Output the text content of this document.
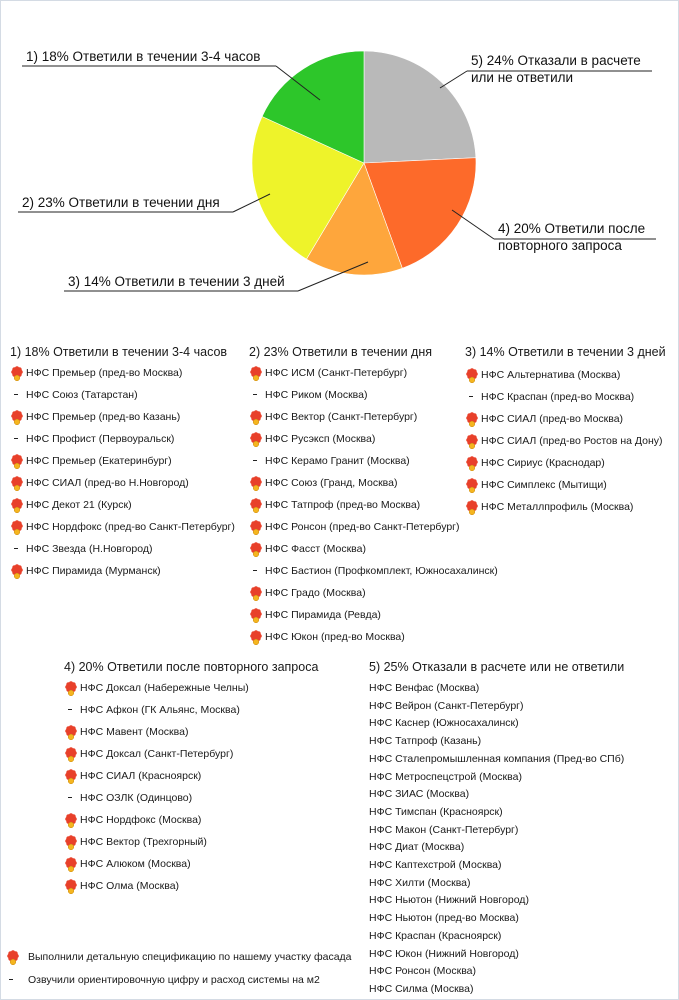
5) 24% Отказали в расчете
или не ответили
4) 20% Ответили после
повторного запроса
3) 14% Ответили в течении 3 дней
2) 23% Ответили в течении дня
1) 18% Ответили в течении 3-4 часов
1) 18% Ответили в течении 3-4 часов
НФС Премьер (пред-во Москва)
НФС Союз (Татарстан)
НФС Премьер (пред-во Казань)
НФС Профист (Первоуральск)
НФС Премьер (Екатеринбург)
НФС СИАЛ (пред-во Н.Новгород)
НФС Декот 21 (Курск)
НФС Нордфокс (пред-во Санкт-Петербург)
НФС Звезда (Н.Новгород)
НФС Пирамида (Мурманск)
2) 23% Ответили в течении дня
НФС ИСМ (Санкт-Петербург)
НФС Риком (Москва)
НФС Вектор (Санкт-Петербург)
НФС Русэксп (Москва)
НФС Керамо Гранит (Москва)
НФС Союз (Гранд, Москва)
НФС Татпроф (пред-во Москва)
НФС Ронсон (пред-во Санкт-Петербург)
НФС Фасст (Москва)
НФС Бастион (Профкомплект, Южносахалинск)
НФС Градо (Москва)
НФС Пирамида (Ревда)
НФС Юкон (пред-во Москва)
3) 14% Ответили в течении 3 дней
НФС Альтернатива (Москва)
НФС Краспан (пред-во Москва)
НФС СИАЛ (пред-во Москва)
НФС СИАЛ (пред-во Ростов на Дону)
НФС Сириус (Краснодар)
НФС Симплекс (Мытищи)
НФС Металлпрофиль (Москва)
4) 20% Ответили после повторного запроса
НФС Доксал (Набережные Челны)
НФС Афкон (ГК Альянс, Москва)
НФС Мавент (Москва)
НФС Доксал (Санкт-Петербург)
НФС СИАЛ (Красноярск)
НФС ОЗЛК (Одинцово)
НФС Нордфокс (Москва)
НФС Вектор (Трехгорный)
НФС Алюком (Москва)
НФС Олма (Москва)
5) 25% Отказали в расчете или не ответили
НФС Венфас (Москва)
НФС Вейрон (Санкт-Петербург)
НФС Каснер (Южносахалинск)
НФС Татпроф (Казань)
НФС Сталепромышленная компания (Пред-во СПб)
НФС Метроспецстрой (Москва)
НФС ЗИАС (Москва)
НФС Тимспан (Красноярск)
НФС Макон (Санкт-Петербург)
НФС Диат (Москва)
НФС Каптехстрой (Москва)
НФС Хилти (Москва)
НФС Ньютон (Нижний Новгород)
НФС Ньютон (пред-во Москва)
НФС Краспан (Красноярск)
НФС Юкон (Нижний Новгород)
НФС Ронсон (Москва)
НФС Силма (Москва)
Выполнили детальную спецификацию по нашему участку фасада
Озвучили ориентировочную цифру и расход системы на м2
